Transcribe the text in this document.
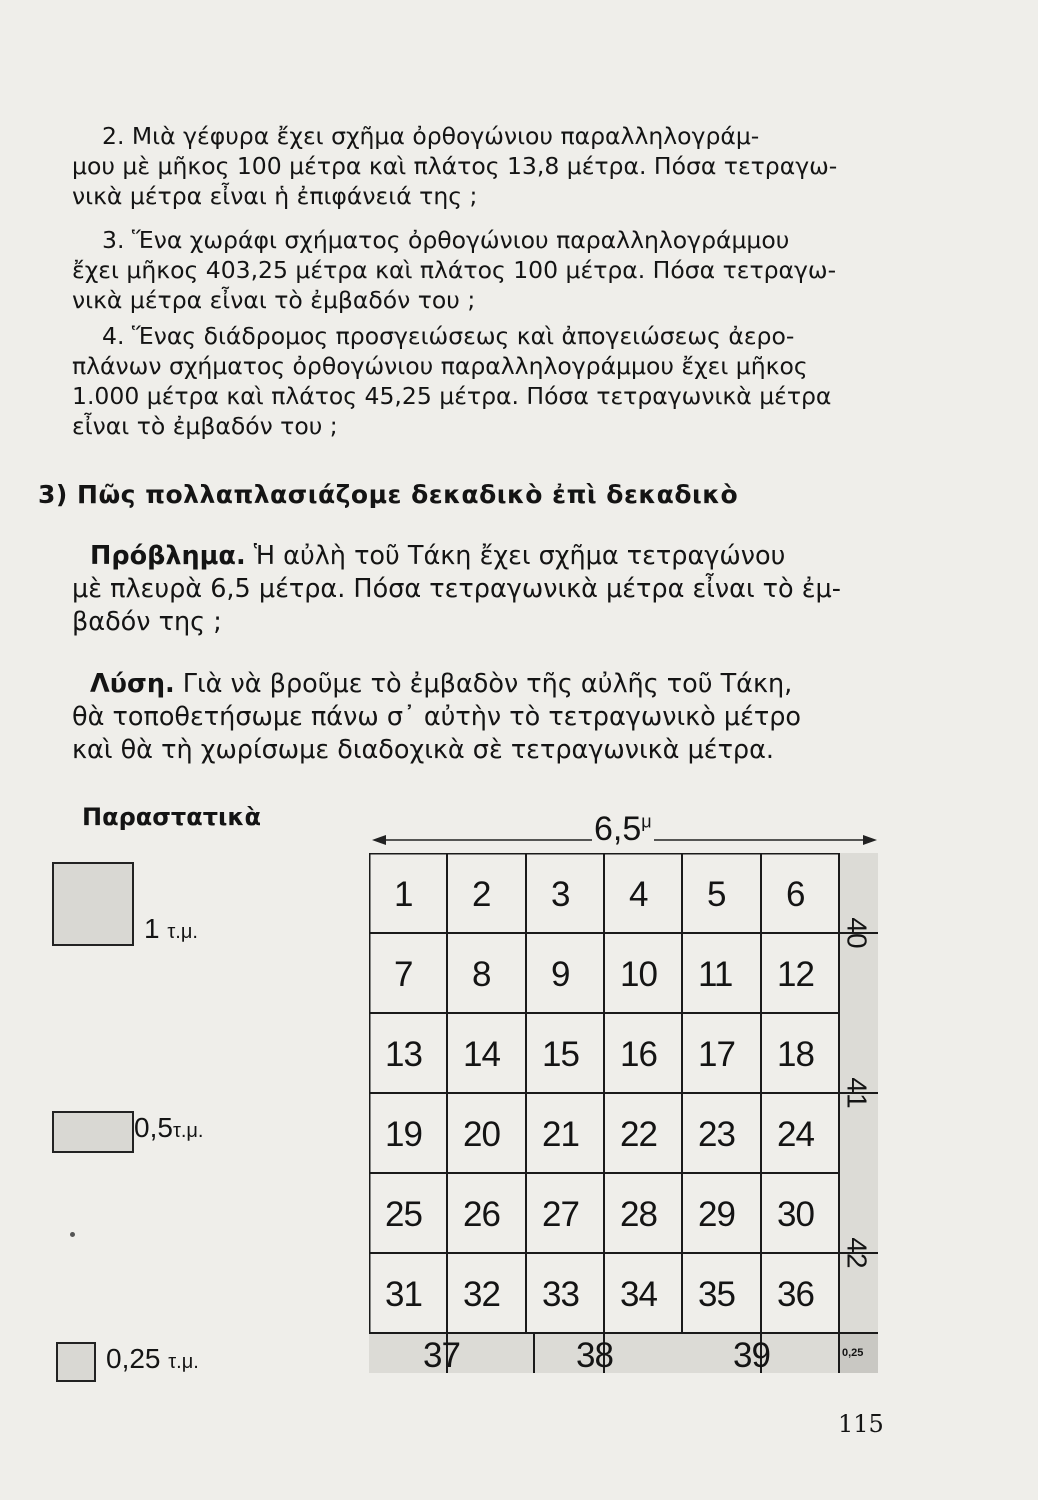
2. Μιὰ γέφυρα ἔχει σχῆμα ὀρθογώνιου παραλληλογράμ-
μου μὲ μῆκος 100 μέτρα καὶ πλάτος 13,8 μέτρα. Πόσα τετραγω-
νικὰ μέτρα εἶναι ἡ ἐπιφάνειά της ;
3. Ἕνα χωράφι σχήματος ὀρθογώνιου παραλληλογράμμου
ἔχει μῆκος 403,25 μέτρα καὶ πλάτος 100 μέτρα. Πόσα τετραγω-
νικὰ μέτρα εἶναι τὸ ἐμβαδόν του ;
4. Ἕνας διάδρομος προσγειώσεως καὶ ἀπογειώσεως ἀερο-
πλάνων σχήματος ὀρθογώνιου παραλληλογράμμου ἔχει μῆκος
1.000 μέτρα καὶ πλάτος 45,25 μέτρα. Πόσα τετραγωνικὰ μέτρα
εἶναι τὸ ἐμβαδόν του ;
3) Πῶς πολλαπλασιάζομε δεκαδικὸ ἐπὶ δεκαδικὸ
Πρόβλημα. Ἡ αὐλὴ τοῦ Τάκη ἔχει σχῆμα τετραγώνου
μὲ πλευρὰ 6,5 μέτρα. Πόσα τετραγωνικὰ μέτρα εἶναι τὸ ἐμ-
βαδόν της ;
Λύση. Γιὰ νὰ βροῦμε τὸ ἐμβαδὸν τῆς αὐλῆς τοῦ Τάκη,
θὰ τοποθετήσωμε πάνω σ᾽ αὐτὴν τὸ τετραγωνικὸ μέτρο
καὶ θὰ τὴ χωρίσωμε διαδοχικὰ σὲ τετραγωνικὰ μέτρα.
Παραστατικὰ
1 τ.μ.
0,5τ.μ.
0,25 τ.μ.
$6,5^\mu$
1 2 3 4 5 6
7 8 9 10 11 12
13 14 15 16 17 18
19 20 21 22 23 24
25 26 27 28 29 30
31 32 33 34 35 36
37	38	39
40
41
42
0,25
115
